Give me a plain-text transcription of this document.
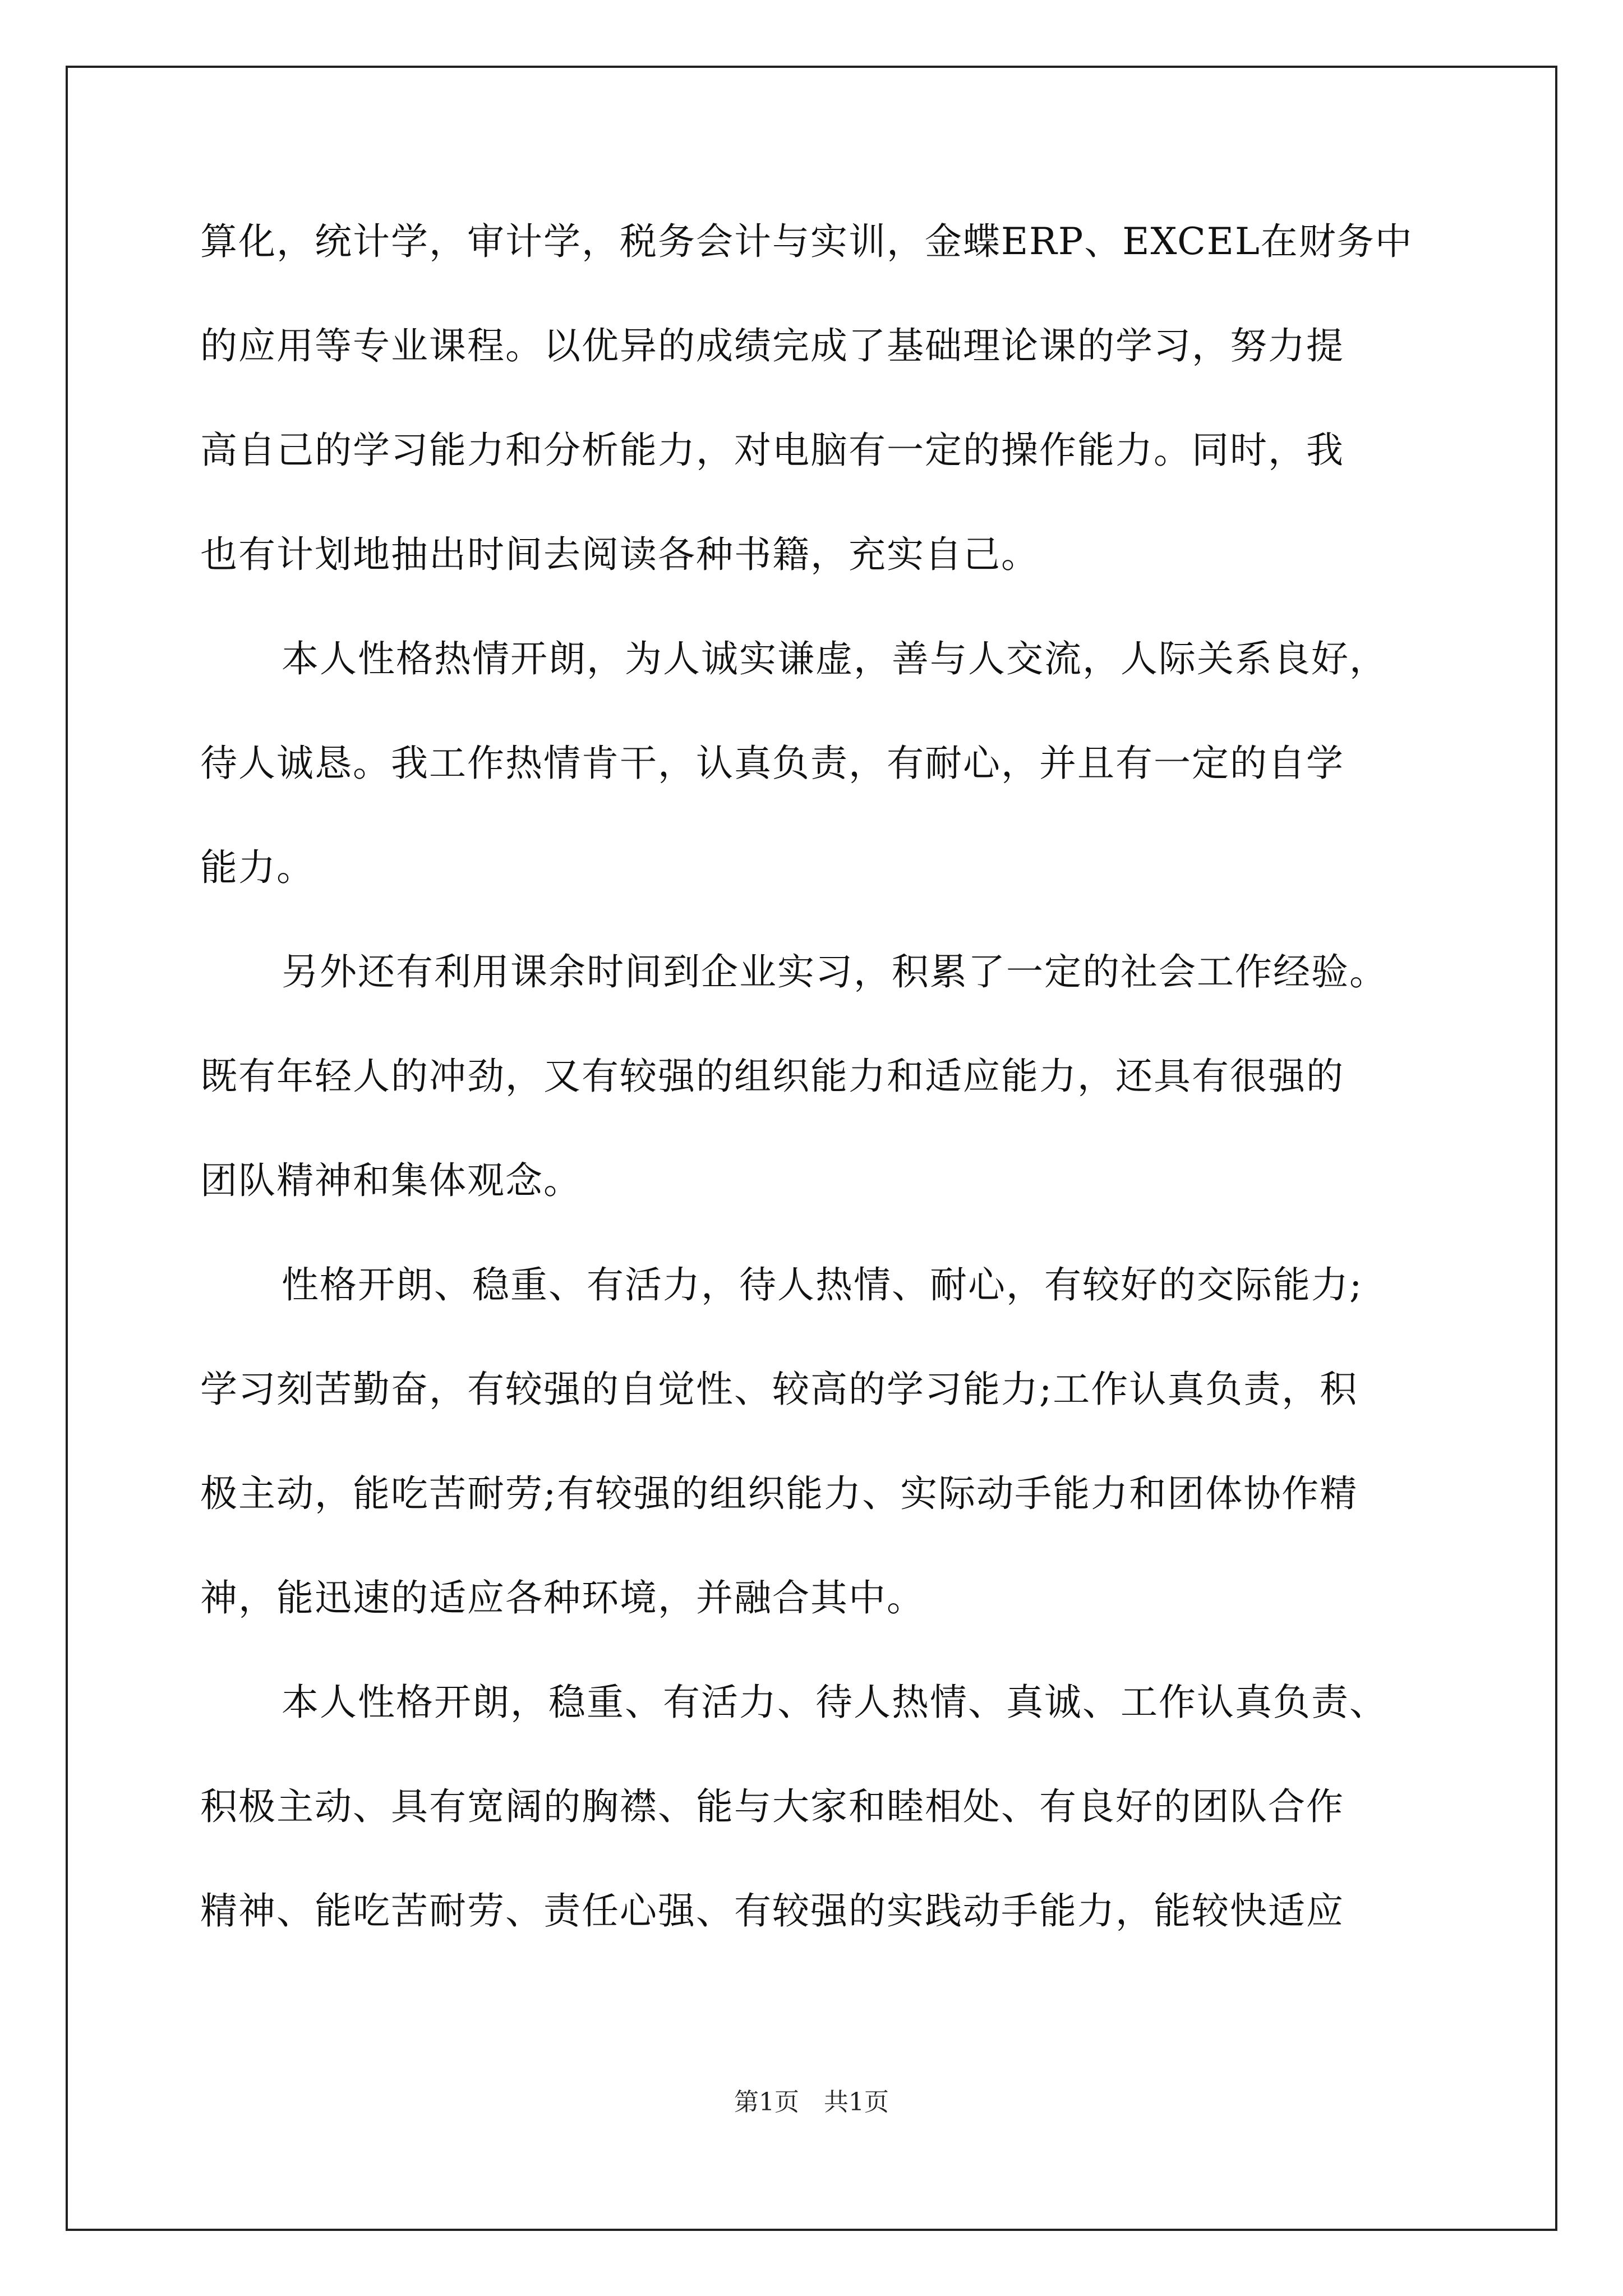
算化，统计学，审计学，税务会计与实训，金蝶ERP、EXCEL在财务中
的应用等专业课程。以优异的成绩完成了基础理论课的学习，努力提
高自己的学习能力和分析能力，对电脑有一定的操作能力。同时，我
也有计划地抽出时间去阅读各种书籍，充实自己。
本人性格热情开朗，为人诚实谦虚，善与人交流，人际关系良好，
待人诚恳。我工作热情肯干，认真负责，有耐心，并且有一定的自学
能力。
另外还有利用课余时间到企业实习，积累了一定的社会工作经验。
既有年轻人的冲劲，又有较强的组织能力和适应能力，还具有很强的
团队精神和集体观念。
性格开朗、稳重、有活力，待人热情、耐心，有较好的交际能力;
学习刻苦勤奋，有较强的自觉性、较高的学习能力;工作认真负责，积
极主动，能吃苦耐劳;有较强的组织能力、实际动手能力和团体协作精
神，能迅速的适应各种环境，并融合其中。
本人性格开朗，稳重、有活力、待人热情、真诚、工作认真负责、
积极主动、具有宽阔的胸襟、能与大家和睦相处、有良好的团队合作
精神、能吃苦耐劳、责任心强、有较强的实践动手能力，能较快适应
第1页　共1页
